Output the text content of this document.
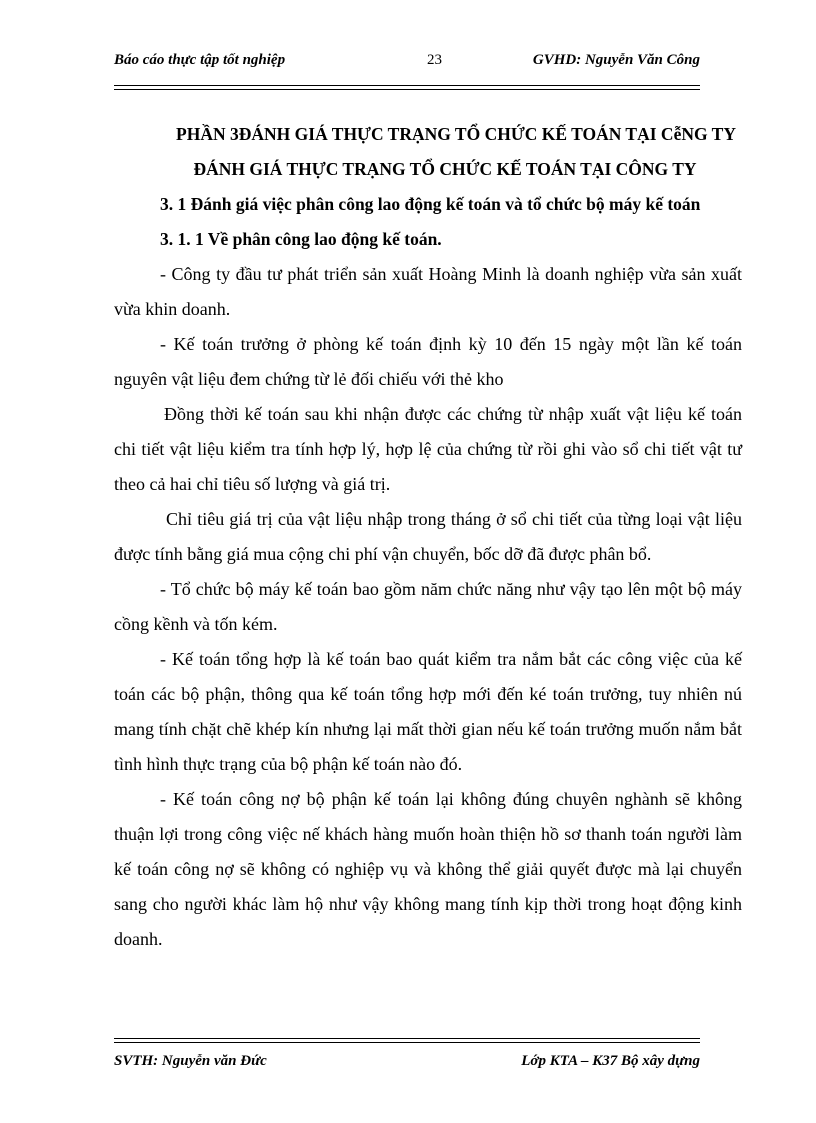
Báo cáo thực tập tốt nghiệp	23	GVHD: Nguyễn Văn Công
PHẦN 3ĐÁNH GIÁ THỰC TRẠNG TỔ CHỨC KẾ TOÁN TẠI CễNG TY
ĐÁNH GIÁ THỰC TRẠNG TỔ CHỨC KẾ TOÁN TẠI CÔNG TY
3. 1 Đánh giá việc phân công lao động kế toán và tổ chức bộ máy kế toán
3. 1. 1 Về phân công lao động kế toán.

- Công ty đầu tư phát triển sản xuất Hoàng Minh là doanh nghiệp vừa sản xuất vừa khin doanh.

- Kế toán trưởng ở phòng kế toán định kỳ 10 đến 15 ngày một lần kế toán nguyên vật liệu đem chứng từ lẻ đối chiếu với thẻ kho

Đồng thời kế toán sau khi nhận được các chứng từ nhập xuất vật liệu kế toán chi tiết vật liệu kiểm tra tính hợp lý, hợp lệ của chứng từ rồi ghi vào sổ chi tiết vật tư theo cả hai chỉ tiêu số lượng và giá trị.

Chỉ tiêu giá trị của vật liệu nhập trong tháng ở sổ chi tiết của từng loại vật liệu được tính bằng giá mua cộng chi phí vận chuyển, bốc dỡ đã được phân bổ.

- Tổ chức bộ máy kế toán bao gồm năm chức năng như vậy tạo lên một bộ máy cồng kềnh và tốn kém.

- Kế toán tổng hợp là kế toán bao quát kiểm tra nắm bắt các công việc của kế toán các bộ phận, thông qua kế toán tổng hợp mới đến ké toán trưởng, tuy nhiên nú mang tính chặt chẽ khép kín nhưng lại mất thời gian nếu kế toán trưởng muốn nắm bắt tình hình thực trạng của bộ phận kế toán nào đó.

- Kế toán công nợ bộ phận kế toán lại không đúng chuyên nghành sẽ không thuận lợi trong công việc nế khách hàng muốn hoàn thiện hồ sơ thanh toán người làm kế toán công nợ sẽ không có nghiệp vụ và không thể giải quyết được mà lại chuyển sang cho người khác làm hộ như vậy không mang tính kịp thời trong hoạt động kinh doanh.

SVTH: Nguyễn văn Đức	Lớp KTA – K37 Bộ xây dựng
